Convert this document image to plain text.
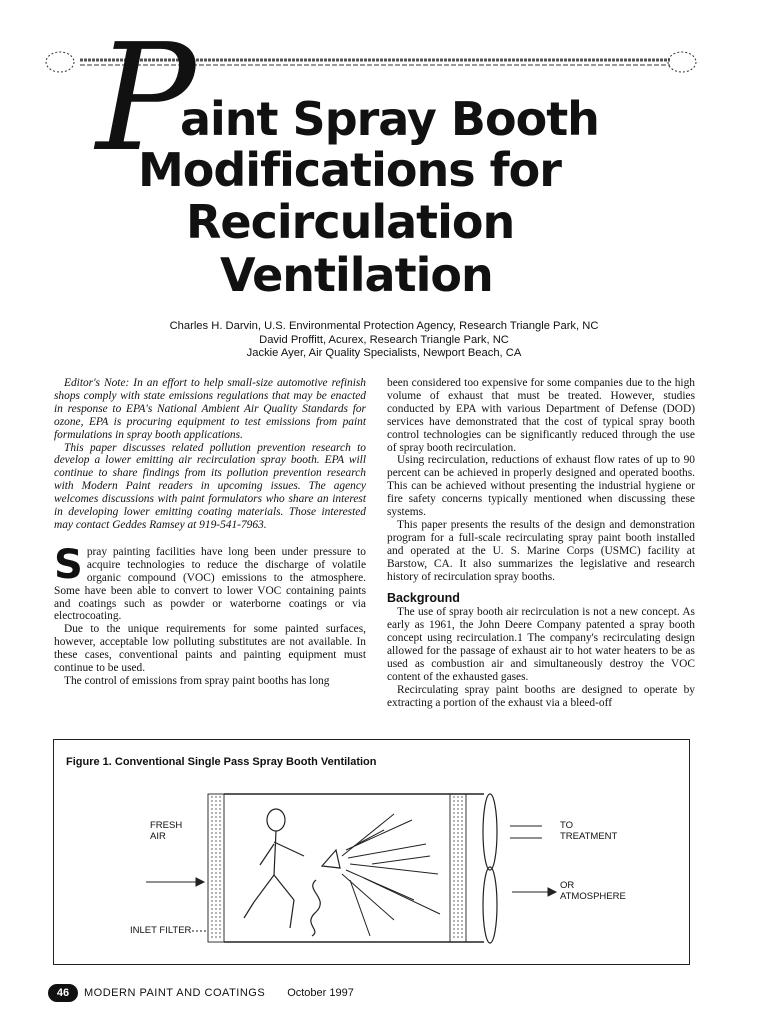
P
aint Spray Booth
Modifications for
Recirculation
Ventilation
Charles H. Darvin, U.S. Environmental Protection Agency, Research Triangle Park, NC
David Proffitt, Acurex, Research Triangle Park, NC
Jackie Ayer, Air Quality Specialists, Newport Beach, CA

Editor's Note: In an effort to help small-size automotive refinish shops comply with state emissions regulations that may be enacted in response to EPA's National Ambient Air Quality Standards for ozone, EPA is procuring equipment to test emissions from paint formulations in spray booth applications.

This paper discusses related pollution prevention research to develop a lower emitting air recirculation spray booth. EPA will continue to share findings from its pollution prevention research with Modern Paint readers in upcoming issues. The agency welcomes discussions with paint formulators who share an interest in developing lower emitting coating materials. Those interested may contact Geddes Ramsey at 919-541-7963.

Spray painting facilities have long been under pressure to acquire technologies to reduce the discharge of volatile organic compound (VOC) emissions to the atmosphere. Some have been able to convert to lower VOC containing paints and coatings such as powder or waterborne coatings or via electrocoating.

Due to the unique requirements for some painted surfaces, however, acceptable low polluting substitutes are not available. In these cases, conventional paints and painting equipment must continue to be used.

The control of emissions from spray paint booths has long

been considered too expensive for some companies due to the high volume of exhaust that must be treated. However, studies conducted by EPA with various Department of Defense (DOD) services have demonstrated that the cost of typical spray booth control technologies can be significantly reduced through the use of spray booth recirculation.

Using recirculation, reductions of exhaust flow rates of up to 90 percent can be achieved in properly designed and operated booths. This can be achieved without presenting the industrial hygiene or fire safety concerns typically mentioned when discussing these systems.

This paper presents the results of the design and demonstration program for a full-scale recirculating spray paint booth installed and operated at the U. S. Marine Corps (USMC) facility at Barstow, CA. It also summarizes the legislative and research history of recirculation spray booths.

Background

The use of spray booth air recirculation is not a new concept. As early as 1961, the John Deere Company patented a spray booth concept using recirculation.1 The company's recirculating design allowed for the passage of exhaust air to hot water heaters to be as used as combustion air and simultaneously destroy the VOC content of the exhausted gases.

Recirculating spray paint booths are designed to operate by extracting a portion of the exhaust via a bleed-off

Figure 1. Conventional Single Pass Spray Booth Ventilation
FRESH
AIR
INLET FILTER
TO
TREATMENT
OR
ATMOSPHERE
46	MODERN PAINT AND COATINGS October 1997
